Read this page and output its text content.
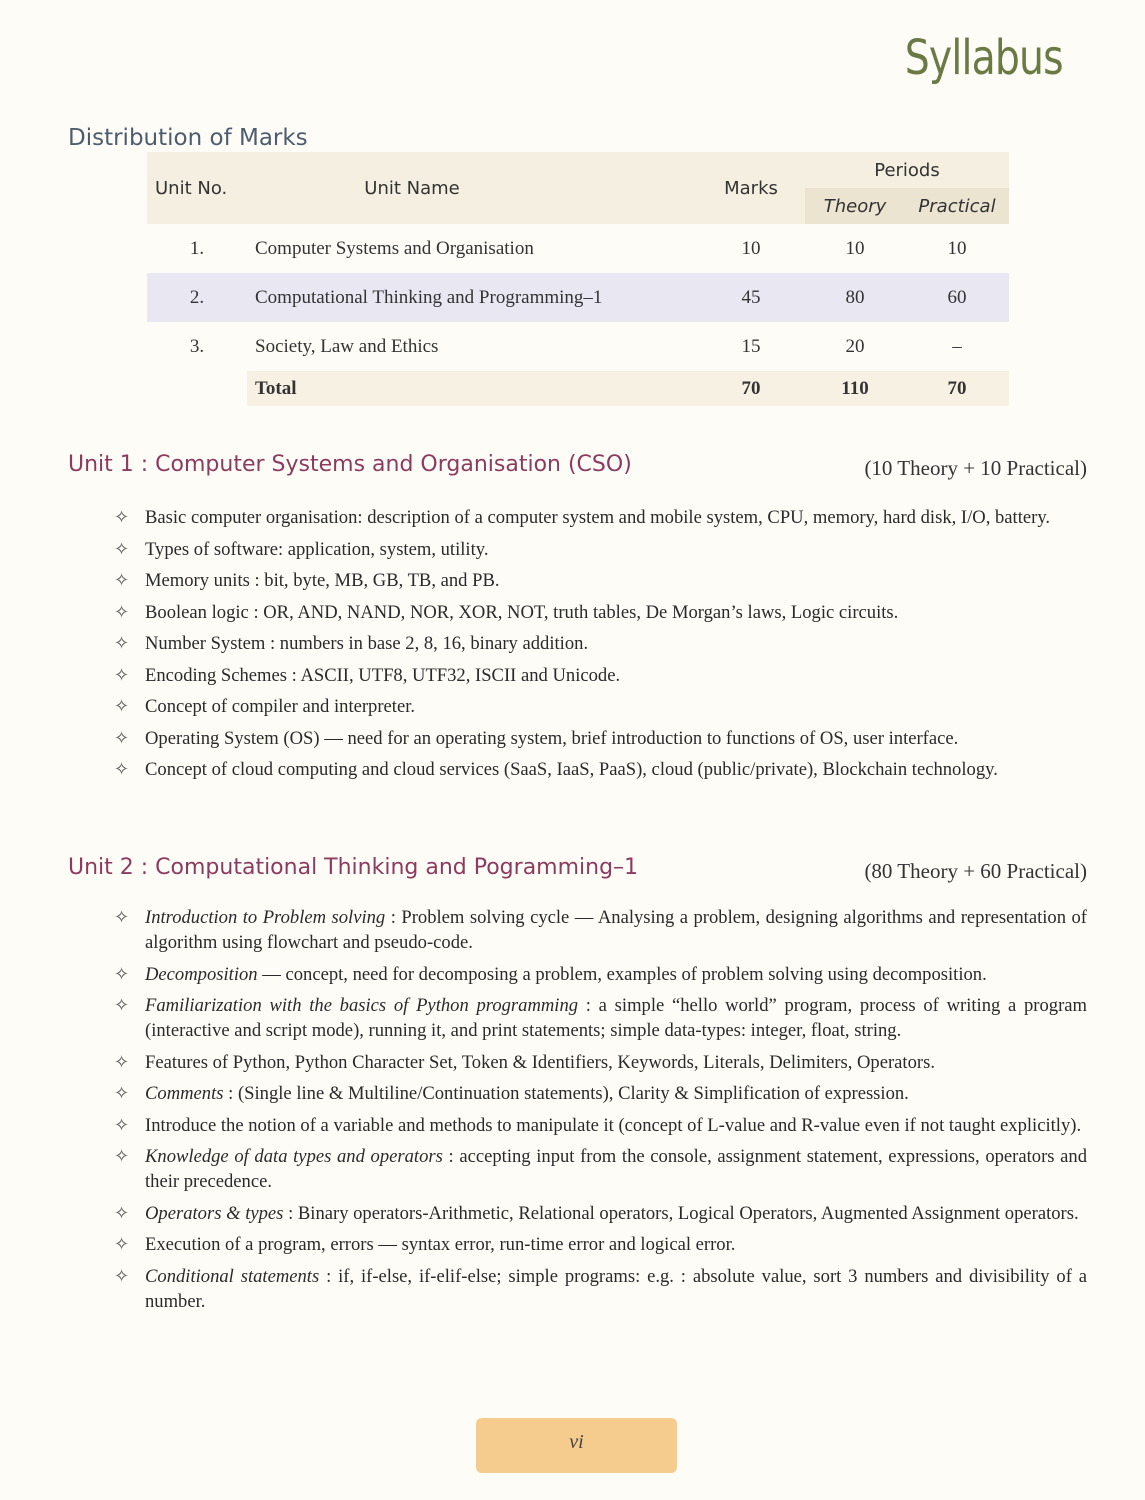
Syllabus
Distribution of Marks
Unit No.	Unit Name	Marks	Periods	
			Theory	Practical
1.	Computer Systems and Organisation	10	10	10
2.	Computational Thinking and Programming–1	45	80	60
3.	Society, Law and Ethics	15	20	–
	Total	70	110	70
Unit 1 : Computer Systems and Organisation (CSO)	(10 Theory + 10 Practical)
✧ Basic computer organisation: description of a computer system and mobile system, CPU, memory, hard disk, I/O, battery.
✧ Types of software: application, system, utility.
✧ Memory units : bit, byte, MB, GB, TB, and PB.
✧ Boolean logic : OR, AND, NAND, NOR, XOR, NOT, truth tables, De Morgan’s laws, Logic circuits.
✧ Number System : numbers in base 2, 8, 16, binary addition.
✧ Encoding Schemes : ASCII, UTF8, UTF32, ISCII and Unicode.
✧ Concept of compiler and interpreter.
✧ Operating System (OS) — need for an operating system, brief introduction to functions of OS, user interface.
✧ Concept of cloud computing and cloud services (SaaS, IaaS, PaaS), cloud (public/private), Blockchain technology.
Unit 2 : Computational Thinking and Pogramming–1	(80 Theory + 60 Practical)
✧ Introduction to Problem solving : Problem solving cycle — Analysing a problem, designing algorithms and representation of algorithm using flowchart and pseudo-code.
✧ Decomposition — concept, need for decomposing a problem, examples of problem solving using decomposition.
✧ Familiarization with the basics of Python programming : a simple “hello world” program, process of writing a program (interactive and script mode), running it, and print statements; simple data-types: integer, float, string.
✧ Features of Python, Python Character Set, Token & Identifiers, Keywords, Literals, Delimiters, Operators.
✧ Comments : (Single line & Multiline/Continuation statements), Clarity & Simplification of expression.
✧ Introduce the notion of a variable and methods to manipulate it (concept of L-value and R-value even if not taught explicitly).
✧ Knowledge of data types and operators : accepting input from the console, assignment statement, expressions, operators and their precedence.
✧ Operators & types : Binary operators-Arithmetic, Relational operators, Logical Operators, Augmented Assignment operators.
✧ Execution of a program, errors — syntax error, run-time error and logical error.
✧ Conditional statements : if, if-else, if-elif-else; simple programs: e.g. : absolute value, sort 3 numbers and divisibility of a number.
vi
